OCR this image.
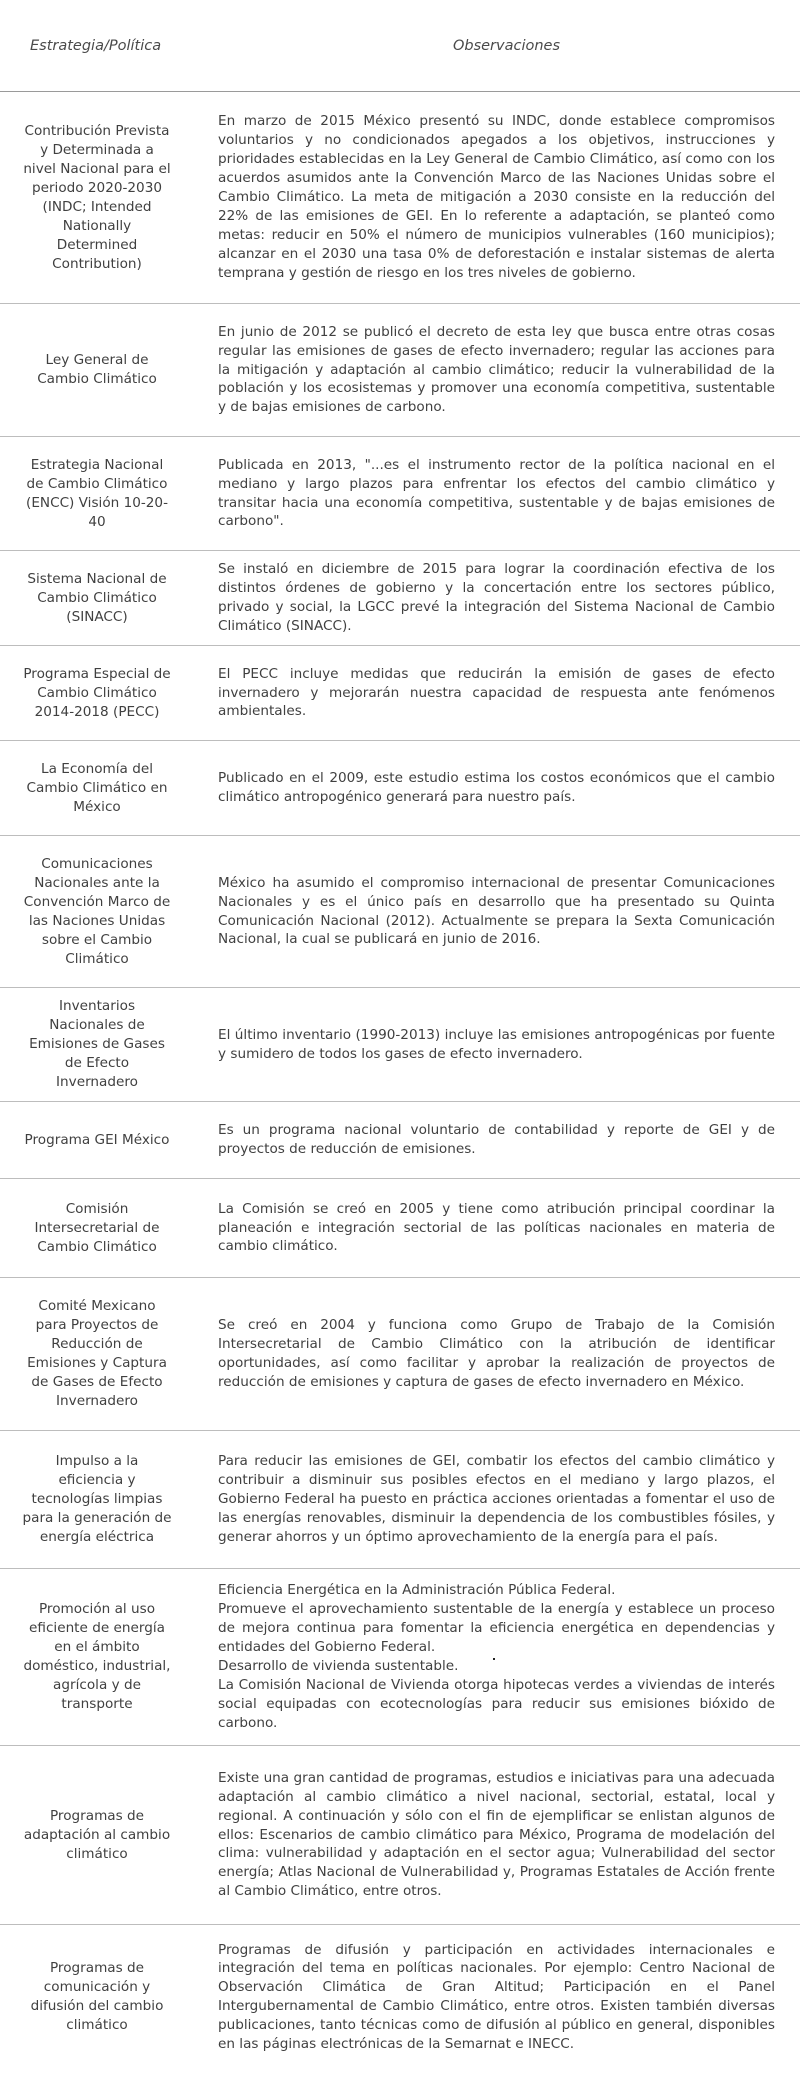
Estrategia/Política	Observaciones
Contribución Prevista y Determinada a nivel Nacional para el periodo 2020-2030 (INDC; Intended Nationally Determined Contribution)	En marzo de 2015 México presentó su INDC, donde establece compromisos voluntarios y no condicionados apegados a los objetivos, instrucciones y prioridades establecidas en la Ley General de Cambio Climático, así como con los acuerdos asumidos ante la Convención Marco de las Naciones Unidas sobre el Cambio Climático. La meta de mitigación a 2030 consiste en la reducción del 22% de las emisiones de GEI. En lo referente a adaptación, se planteó como metas: reducir en 50% el número de municipios vulnerables (160 municipios); alcanzar en el 2030 una tasa 0% de deforestación e instalar sistemas de alerta temprana y gestión de riesgo en los tres niveles de gobierno.
Ley General de Cambio Climático	En junio de 2012 se publicó el decreto de esta ley que busca entre otras cosas regular las emisiones de gases de efecto invernadero; regular las acciones para la mitigación y adaptación al cambio climático; reducir la vulnerabilidad de la población y los ecosistemas y promover una economía competitiva, sustentable y de bajas emisiones de carbono.
Estrategia Nacional de Cambio Climático (ENCC) Visión 10-20-40	Publicada en 2013, "...es el instrumento rector de la política nacional en el mediano y largo plazos para enfrentar los efectos del cambio climático y transitar hacia una economía competitiva, sustentable y de bajas emisiones de carbono".
Sistema Nacional de Cambio Climático (SINACC)	Se instaló en diciembre de 2015 para lograr la coordinación efectiva de los distintos órdenes de gobierno y la concertación entre los sectores público, privado y social, la LGCC prevé la integración del Sistema Nacional de Cambio Climático (SINACC).
Programa Especial de Cambio Climático 2014-2018 (PECC)	El PECC incluye medidas que reducirán la emisión de gases de efecto invernadero y mejorarán nuestra capacidad de respuesta ante fenómenos ambientales.
La Economía del Cambio Climático en México	Publicado en el 2009, este estudio estima los costos económicos que el cambio climático antropogénico generará para nuestro país.
Comunicaciones Nacionales ante la Convención Marco de las Naciones Unidas sobre el Cambio Climático	México ha asumido el compromiso internacional de presentar Comunicaciones Nacionales y es el único país en desarrollo que ha presentado su Quinta Comunicación Nacional (2012). Actualmente se prepara la Sexta Comunicación Nacional, la cual se publicará en junio de 2016.
Inventarios Nacionales de Emisiones de Gases de Efecto Invernadero	El último inventario (1990-2013) incluye las emisiones antropogénicas por fuente y sumidero de todos los gases de efecto invernadero.
Programa GEI México	Es un programa nacional voluntario de contabilidad y reporte de GEI y de proyectos de reducción de emisiones.
Comisión Intersecretarial de Cambio Climático	La Comisión se creó en 2005 y tiene como atribución principal coordinar la planeación e integración sectorial de las políticas nacionales en materia de cambio climático.
Comité Mexicano para Proyectos de Reducción de Emisiones y Captura de Gases de Efecto Invernadero	Se creó en 2004 y funciona como Grupo de Trabajo de la Comisión Intersecretarial de Cambio Climático con la atribución de identificar oportunidades, así como facilitar y aprobar la realización de proyectos de reducción de emisiones y captura de gases de efecto invernadero en México.
Impulso a la eficiencia y tecnologías limpias para la generación de energía eléctrica	Para reducir las emisiones de GEI, combatir los efectos del cambio climático y contribuir a disminuir sus posibles efectos en el mediano y largo plazos, el Gobierno Federal ha puesto en práctica acciones orientadas a fomentar el uso de las energías renovables, disminuir la dependencia de los combustibles fósiles, y generar ahorros y un óptimo aprovechamiento de la energía para el país.
Promoción al uso eficiente de energía en el ámbito doméstico, industrial, agrícola y de transporte	Eficiencia Energética en la Administración Pública Federal.
Promueve el aprovechamiento sustentable de la energía y establece un proceso de mejora continua para fomentar la eficiencia energética en dependencias y entidades del Gobierno Federal.
Desarrollo de vivienda sustentable.
La Comisión Nacional de Vivienda otorga hipotecas verdes a viviendas de interés social equipadas con ecotecnologías para reducir sus emisiones bióxido de carbono.

Programas de adaptación al cambio climático	Existe una gran cantidad de programas, estudios e iniciativas para una adecuada adaptación al cambio climático a nivel nacional, sectorial, estatal, local y regional. A continuación y sólo con el fin de ejemplificar se enlistan algunos de ellos: Escenarios de cambio climático para México, Programa de modelación del clima: vulnerabilidad y adaptación en el sector agua; Vulnerabilidad del sector energía; Atlas Nacional de Vulnerabilidad y, Programas Estatales de Acción frente al Cambio Climático, entre otros.
Programas de comunicación y difusión del cambio climático	Programas de difusión y participación en actividades internacionales e integración del tema en políticas nacionales. Por ejemplo: Centro Nacional de Observación Climática de Gran Altitud; Participación en el Panel Intergubernamental de Cambio Climático, entre otros. Existen también diversas publicaciones, tanto técnicas como de difusión al público en general, disponibles en las páginas electrónicas de la Semarnat e INECC.
